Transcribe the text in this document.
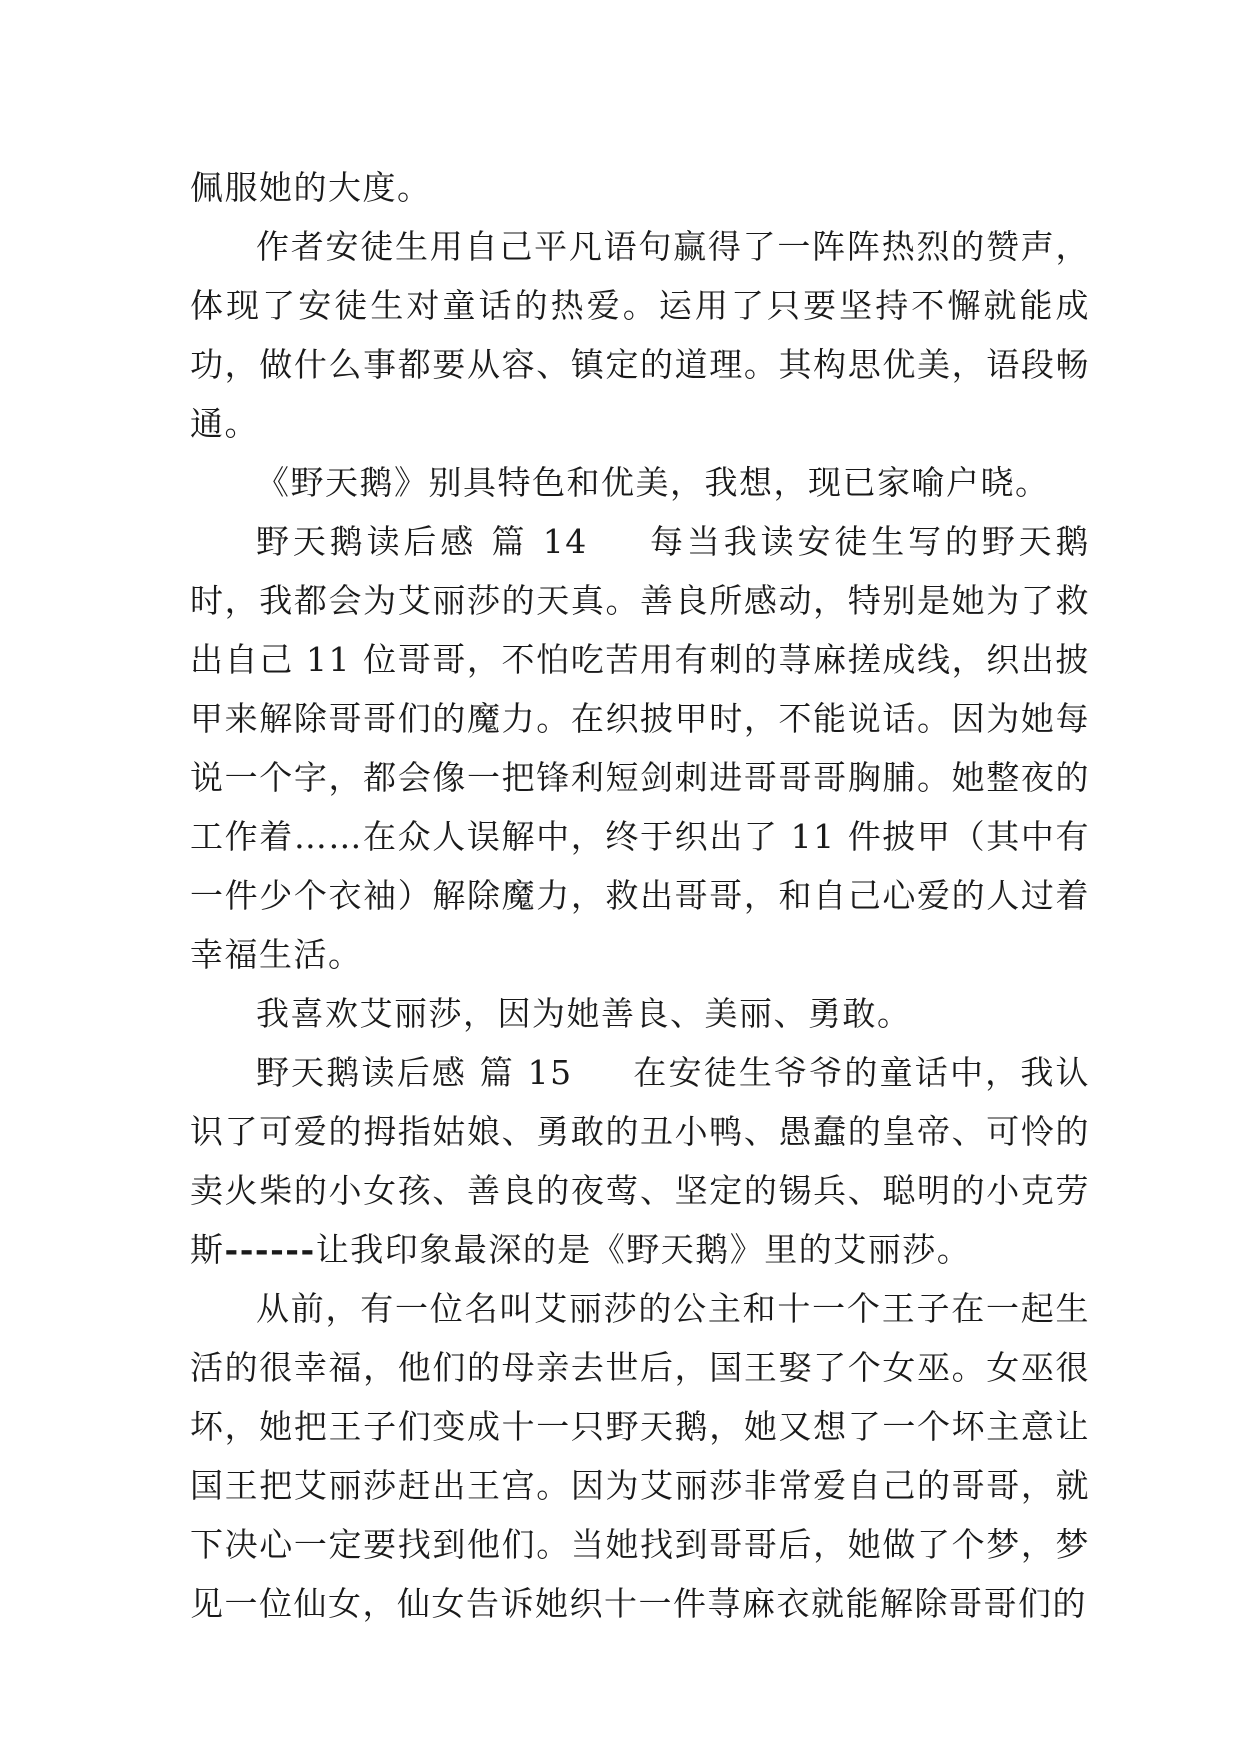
佩服她的大度。

作者安徒生用自己平凡语句赢得了一阵阵热烈的赞声，体现了安徒生对童话的热爱。运用了只要坚持不懈就能成功，做什么事都要从容、镇定的道理。其构思优美，语段畅通。

《野天鹅》别具特色和优美，我想，现已家喻户晓。

野天鹅读后感 篇 14 每当我读安徒生写的野天鹅时，我都会为艾丽莎的天真。善良所感动，特别是她为了救出自己 11 位哥哥，不怕吃苦用有刺的荨麻搓成线，织出披甲来解除哥哥们的魔力。在织披甲时，不能说话。因为她每说一个字，都会像一把锋利短剑刺进哥哥哥胸脯。她整夜的工作着……在众人误解中，终于织出了 11 件披甲（其中有一件少个衣袖）解除魔力，救出哥哥，和自己心爱的人过着幸福生活。

我喜欢艾丽莎，因为她善良、美丽、勇敢。

野天鹅读后感 篇 15 在安徒生爷爷的童话中，我认识了可爱的拇指姑娘、勇敢的丑小鸭、愚蠢的皇帝、可怜的卖火柴的小女孩、善良的夜莺、坚定的锡兵、聪明的小克劳斯------让我印象最深的是《野天鹅》里的艾丽莎。

从前，有一位名叫艾丽莎的公主和十一个王子在一起生活的很幸福，他们的母亲去世后，国王娶了个女巫。女巫很坏，她把王子们变成十一只野天鹅，她又想了一个坏主意让国王把艾丽莎赶出王宫。因为艾丽莎非常爱自己的哥哥，就下决心一定要找到他们。当她找到哥哥后，她做了个梦，梦见一位仙女，仙女告诉她织十一件荨麻衣就能解除哥哥们的
